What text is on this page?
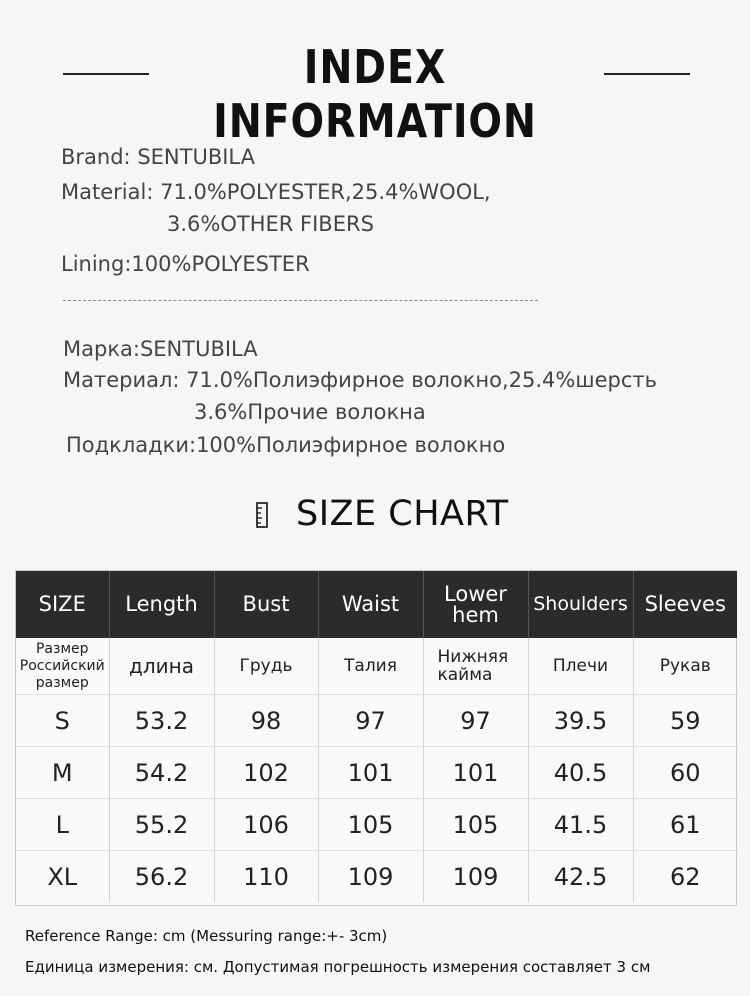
INDEX INFORMATION
Brand: SENTUBILA
Material: 71.0%POLYESTER,25.4%WOOL,
3.6%OTHER FIBERS
Lining:100%POLYESTER
Марка:SENTUBILA
Материал: 71.0%Полиэфирное волокно,25.4%шерсть
3.6%Прочие волокна
Подкладки:100%Полиэфирное волокно
SIZE CHART
SIZE	Length	Bust	Waist	Lower hem	Shoulders	Sleeves
Размер Российский размер	длина	Грудь	Талия	Нижняя кайма	Плечи	Рукав
S	53.2	98	97	97	39.5	59
M	54.2	102	101	101	40.5	60
L	55.2	106	105	105	41.5	61
XL	56.2	110	109	109	42.5	62
Reference Range: cm (Messuring range:+- 3cm)
Единица измерения: см. Допустимая погрешность измерения составляет 3 см
